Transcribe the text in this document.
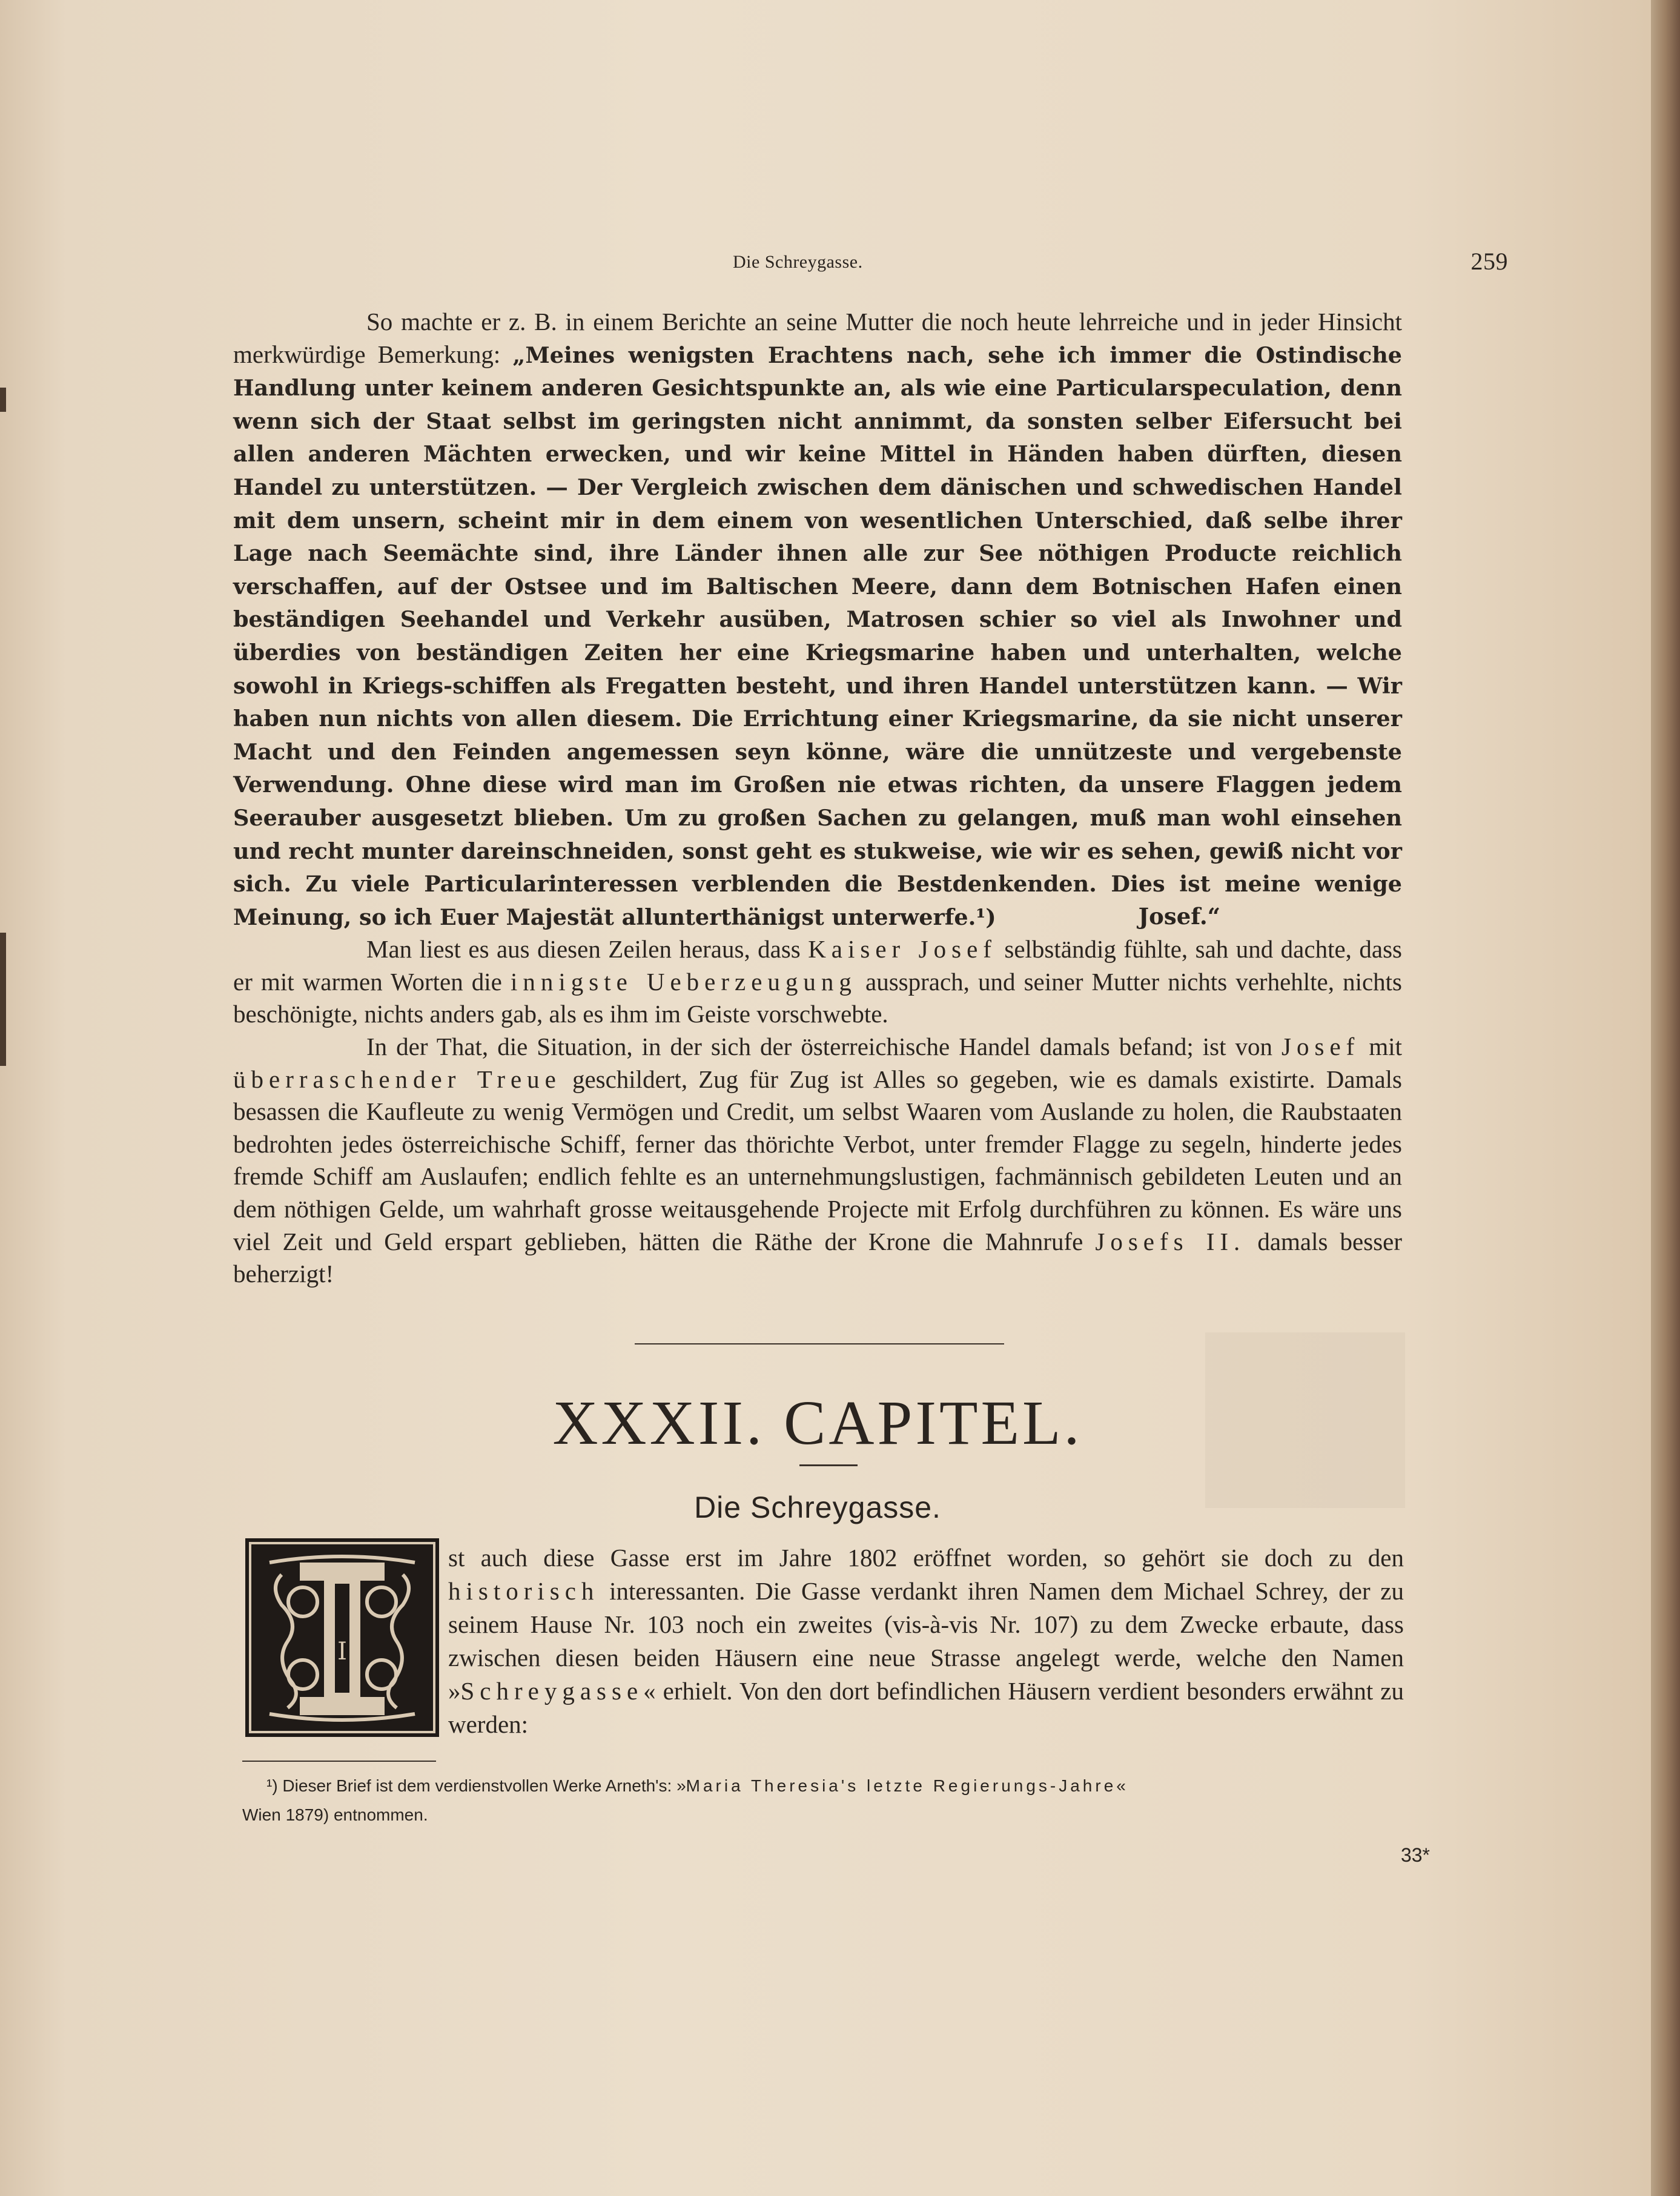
Die Schreygasse.	259

So machte er z. B. in einem Berichte an seine Mutter die noch heute lehrreiche und in jeder Hinsicht merkwürdige Bemerkung: „Meines wenigsten Erachtens nach, sehe ich immer die Ostindische Handlung unter keinem anderen Gesichtspunkte an, als wie eine Particularspeculation, denn wenn sich der Staat selbst im geringsten nicht annimmt, da sonsten selber Eifersucht bei allen anderen Mächten erwecken, und wir keine Mittel in Händen haben dürften, diesen Handel zu unterstützen. — Der Vergleich zwischen dem dänischen und schwedischen Handel mit dem unsern, scheint mir in dem einem von wesentlichen Unterschied, daß selbe ihrer Lage nach Seemächte sind, ihre Länder ihnen alle zur See nöthigen Producte reichlich verschaffen, auf der Ostsee und im Baltischen Meere, dann dem Botnischen Hafen einen beständigen Seehandel und Verkehr ausüben, Matrosen schier so viel als Inwohner und überdies von beständigen Zeiten her eine Kriegsmarine haben und unterhalten, welche sowohl in Kriegs-schiffen als Fregatten besteht, und ihren Handel unterstützen kann. — Wir haben nun nichts von allen diesem. Die Errichtung einer Kriegsmarine, da sie nicht unserer Macht und den Feinden angemessen seyn könne, wäre die unnützeste und vergebenste Verwendung. Ohne diese wird man im Großen nie etwas richten, da unsere Flaggen jedem Seerauber ausgesetzt blieben. Um zu großen Sachen zu gelangen, muß man wohl einsehen und recht munter dareinschneiden, sonst geht es stukweise, wie wir es sehen, gewiß nicht vor sich. Zu viele Particularinteressen verblenden die Bestdenkenden. Dies ist meine wenige Meinung, so ich Euer Majestät allunterthänigst unterwerfe.¹)	Josef.“

Man liest es aus diesen Zeilen heraus, dass Kaiser Josef selbständig fühlte, sah und dachte, dass er mit warmen Worten die innigste Ueberzeugung aussprach, und seiner Mutter nichts verhehlte, nichts beschönigte, nichts anders gab, als es ihm im Geiste vorschwebte.

In der That, die Situation, in der sich der österreichische Handel damals befand; ist von Josef mit überraschender Treue geschildert, Zug für Zug ist Alles so gegeben, wie es damals existirte. Damals besassen die Kaufleute zu wenig Vermögen und Credit, um selbst Waaren vom Auslande zu holen, die Raubstaaten bedrohten jedes österreichische Schiff, ferner das thörichte Verbot, unter fremder Flagge zu segeln, hinderte jedes fremde Schiff am Auslaufen; endlich fehlte es an unternehmungslustigen, fachmännisch gebildeten Leuten und an dem nöthigen Gelde, um wahrhaft grosse weitausgehende Projecte mit Erfolg durchführen zu können. Es wäre uns viel Zeit und Geld erspart geblieben, hätten die Räthe der Krone die Mahnrufe Josefs II. damals besser beherzigt!

XXXII. CAPITEL.
Die Schreygasse.
I

st auch diese Gasse erst im Jahre 1802 eröffnet worden, so gehört sie doch zu den historisch interessanten. Die Gasse verdankt ihren Namen dem Michael Schrey, der zu seinem Hause Nr. 103 noch ein zweites (vis-à-vis Nr. 107) zu dem Zwecke erbaute, dass zwischen diesen beiden Häusern eine neue Strasse angelegt werde, welche den Namen »Schreygasse« erhielt. Von den dort befindlichen Häusern verdient besonders erwähnt zu werden:

¹) Dieser Brief ist dem verdienstvollen Werke Arneth's: »Maria Theresia's letzte Regierungs-Jahre«
Wien 1879) entnommen.
33*
